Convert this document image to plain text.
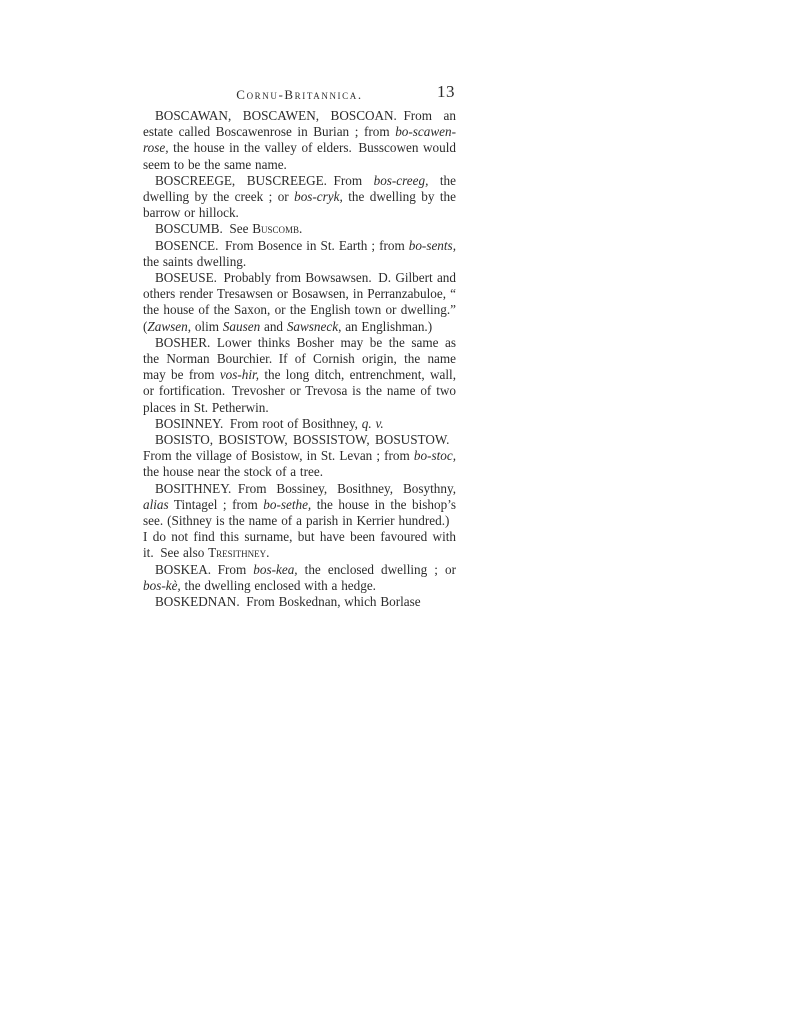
Cornu-Britannica.	13

BOSCAWAN, BOSCAWEN, BOSCOAN. From an estate called Boscawenrose in Burian ; from bo-scawen-rose, the house in the valley of elders. Busscowen would seem to be the same name.

BOSCREEGE, BUSCREEGE. From bos-creeg, the dwelling by the creek ; or bos-cryk, the dwelling by the barrow or hillock.

BOSCUMB. See Buscomb.

BOSENCE. From Bosence in St. Earth ; from bo-sents, the saints dwelling.

BOSEUSE. Probably from Bowsawsen. D. Gilbert and others render Tresawsen or Bosawsen, in Perranzabuloe, “ the house of the Saxon, or the English town or dwelling.” (Zawsen, olim Sausen and Sawsneck, an Englishman.)

BOSHER. Lower thinks Bosher may be the same as the Norman Bourchier. If of Cornish origin, the name may be from vos-hir, the long ditch, entrenchment, wall, or fortification. Trevosher or Trevosa is the name of two places in St. Petherwin.

BOSINNEY. From root of Bosithney, q. v.

BOSISTO, BOSISTOW, BOSSISTOW, BOSUSTOW. From the village of Bosistow, in St. Levan ; from bo-stoc, the house near the stock of a tree.

BOSITHNEY. From Bossiney, Bosithney, Bosythny, alias Tintagel ; from bo-sethe, the house in the bishop’s see. (Sithney is the name of a parish in Kerrier hundred.) I do not find this surname, but have been favoured with it. See also Tresithney.

BOSKEA. From bos-kea, the enclosed dwelling ; or bos-kè, the dwelling enclosed with a hedge.

BOSKEDNAN. From Boskednan, which Borlase
